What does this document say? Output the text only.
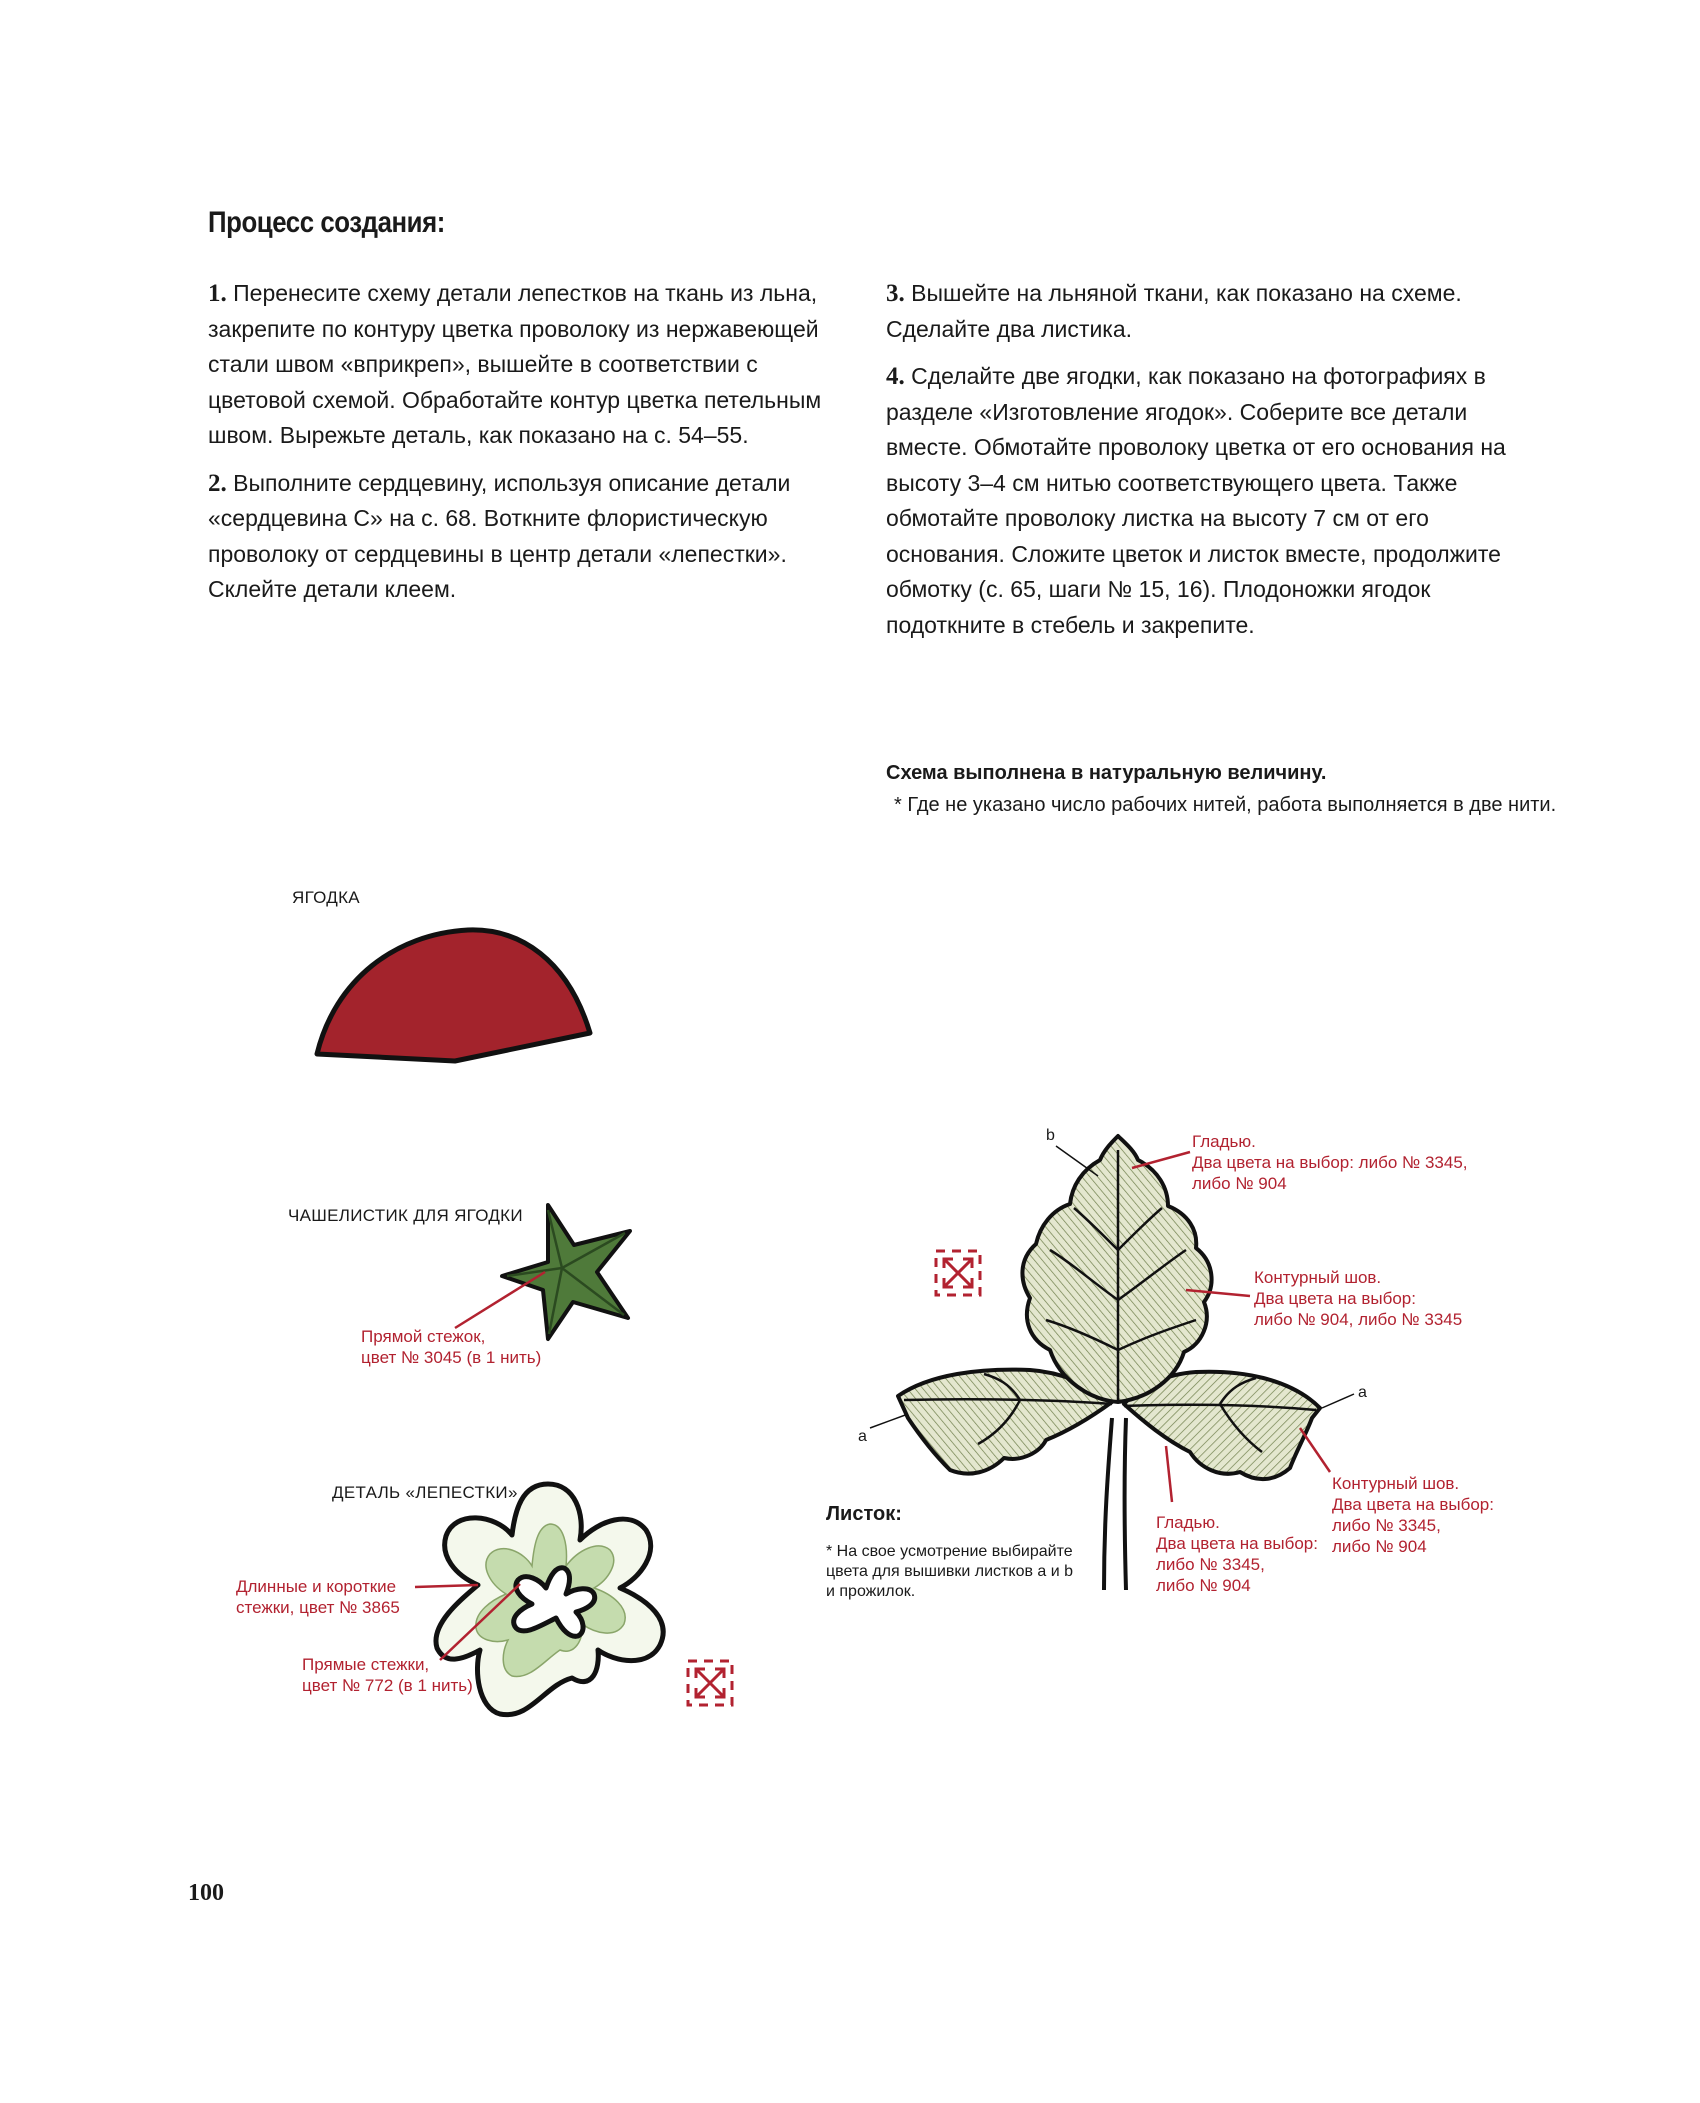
Процесс создания:

1. Перенесите схему детали лепестков на ткань из льна, закрепите по контуру цветка проволоку из нержавеющей стали швом «вприкреп», вышейте в соответствии с цветовой схемой. Обработайте контур цветка петельным швом. Вырежьте деталь, как показано на с. 54–55.

2. Выполните сердцевину, используя описание детали «сердцевина С» на с. 68. Воткните флористическую проволоку от сердцевины в центр детали «лепестки». Склейте детали клеем.

3. Вышейте на льняной ткани, как показано на схеме. Сделайте два листика.

4. Сделайте две ягодки, как показано на фотографиях в разделе «Изготовление ягодок». Соберите все детали вместе. Обмотайте проволоку цветка от его основания на высоту 3–4 см нитью соответствующего цвета. Также обмотайте проволоку листка на высоту 7 см от его основания. Сложите цветок и листок вместе, продолжите обмотку (с. 65, шаги № 15, 16). Плодоножки ягодок подоткните в стебель и закрепите.

Схема выполнена в натуральную величину.
* Где не указано число рабочих нитей, работа выполняется в две нити.
ЯГОДКА
ЧАШЕЛИСТИК ДЛЯ ЯГОДКИ
Прямой стежок,
цвет № 3045 (в 1 нить)
ДЕТАЛЬ «ЛЕПЕСТКИ»
Длинные и короткие
стежки, цвет № 3865
Прямые стежки,
цвет № 772 (в 1 нить)
b
a
a
Гладью.
Два цвета на выбор: либо № 3345,
либо № 904
Контурный шов.
Два цвета на выбор:
либо № 904, либо № 3345
Контурный шов.
Два цвета на выбор:
либо № 3345,
либо № 904
Гладью.
Два цвета на выбор:
либо № 3345,
либо № 904
Листок:
* На свое усмотрение выбирайте
цвета для вышивки листков a и b
и прожилок.
100
